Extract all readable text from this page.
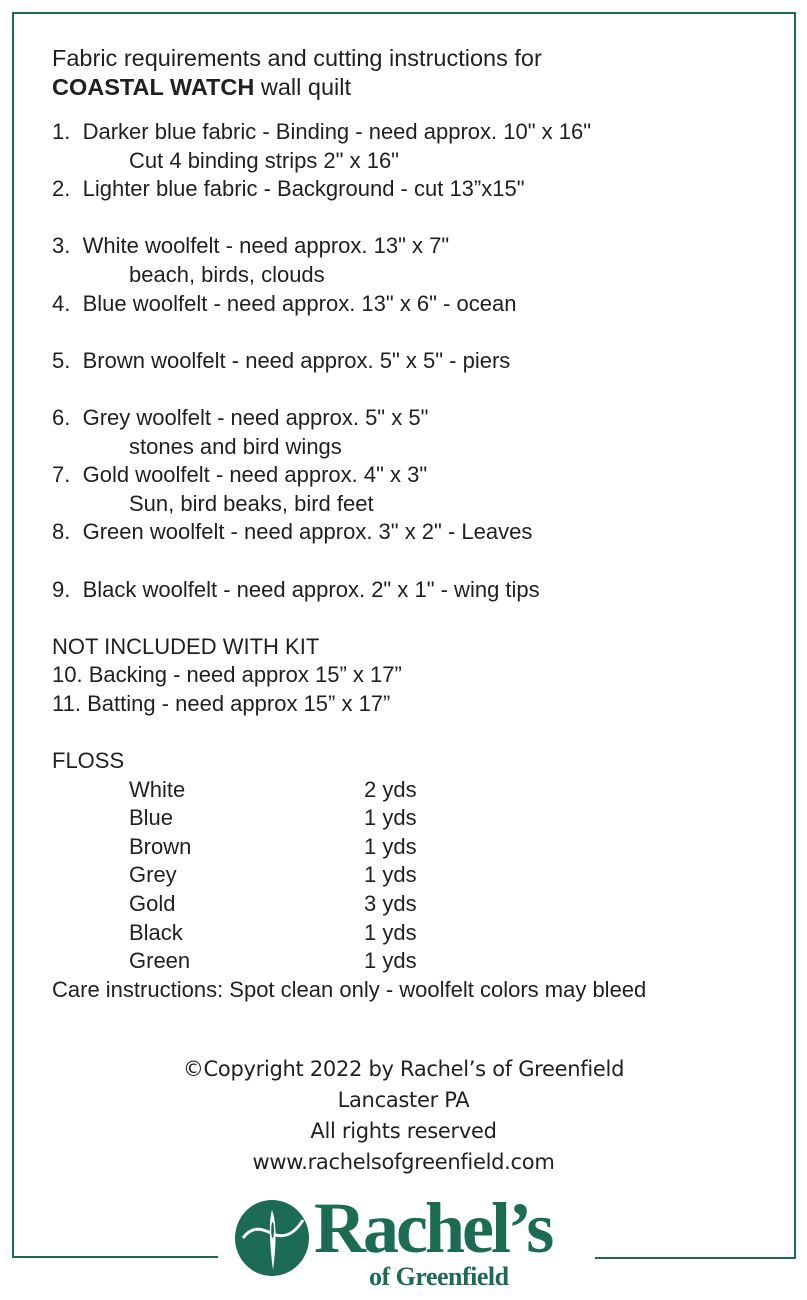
Fabric requirements and cutting instructions for
COASTAL WATCH wall quilt
1. Darker blue fabric - Binding - need approx. 10" x 16"
Cut 4 binding strips 2" x 16"
2. Lighter blue fabric - Background - cut 13”x15"
3. White woolfelt - need approx. 13" x 7"
beach, birds, clouds
4. Blue woolfelt - need approx. 13" x 6" - ocean
5. Brown woolfelt - need approx. 5" x 5" - piers
6. Grey woolfelt - need approx. 5" x 5"
stones and bird wings
7. Gold woolfelt - need approx. 4" x 3"
Sun, bird beaks, bird feet
8. Green woolfelt - need approx. 3" x 2" - Leaves
9. Black woolfelt - need approx. 2" x 1" - wing tips
NOT INCLUDED WITH KIT
10. Backing - need approx 15” x 17”
11. Batting - need approx 15” x 17”
FLOSS
White	2 yds
Blue	1 yds
Brown	1 yds
Grey	1 yds
Gold	3 yds
Black	1 yds
Green	1 yds
Care instructions: Spot clean only - woolfelt colors may bleed
©Copyright 2022 by Rachel’s of Greenfield
Lancaster PA
All rights reserved
www.rachelsofgreenfield.com
Rachel’s
of Greenfield
